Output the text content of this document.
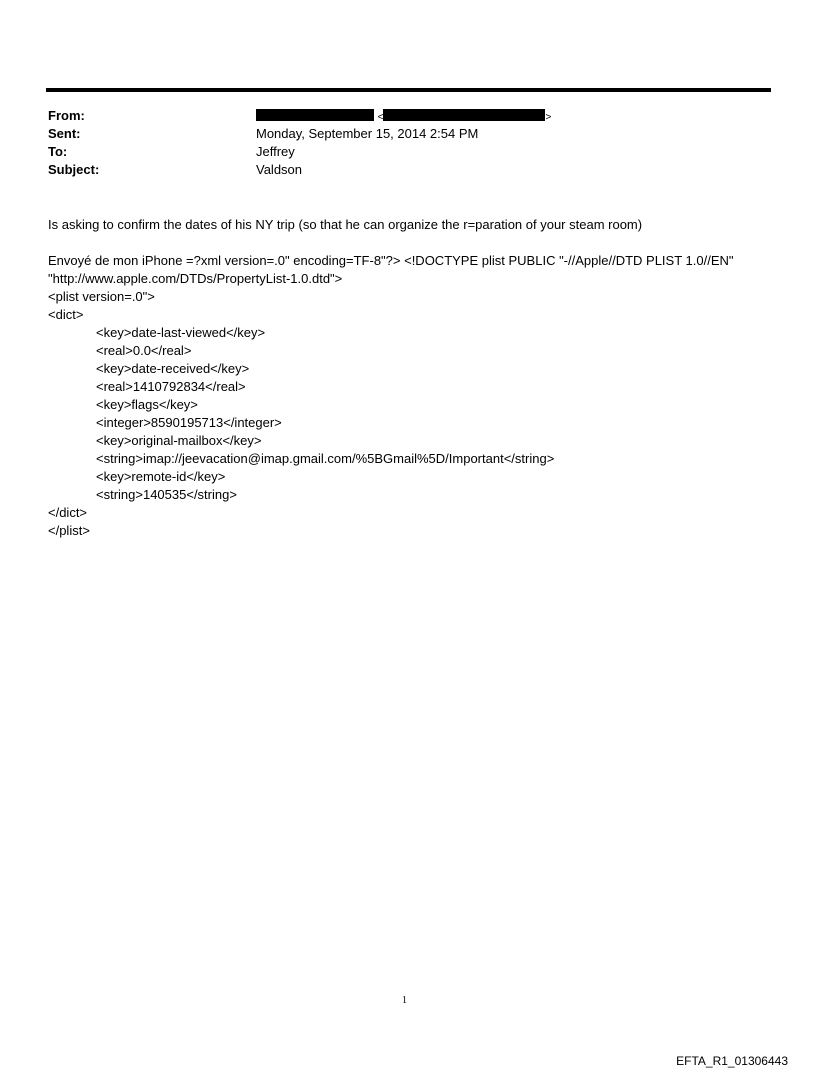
From:	<	>
Sent:	Monday, September 15, 2014 2:54 PM
To:	Jeffrey
Subject:	Valdson
Is asking to confirm the dates of his NY trip (so that he can organize the r=paration of your steam room)
Envoyé de mon iPhone =?xml version=.0" encoding=TF-8"?> <!DOCTYPE plist PUBLIC "-//Apple//DTD PLIST 1.0//EN"
"http://www.apple.com/DTDs/PropertyList-1.0.dtd">
<plist version=.0">
<dict>
<key>date-last-viewed</key>
<real>0.0</real>
<key>date-received</key>
<real>1410792834</real>
<key>flags</key>
<integer>8590195713</integer>
<key>original-mailbox</key>
<string>imap://jeevacation@imap.gmail.com/%5BGmail%5D/Important</string>
<key>remote-id</key>
<string>140535</string>
</dict>
</plist>
1
EFTA_R1_01306443
